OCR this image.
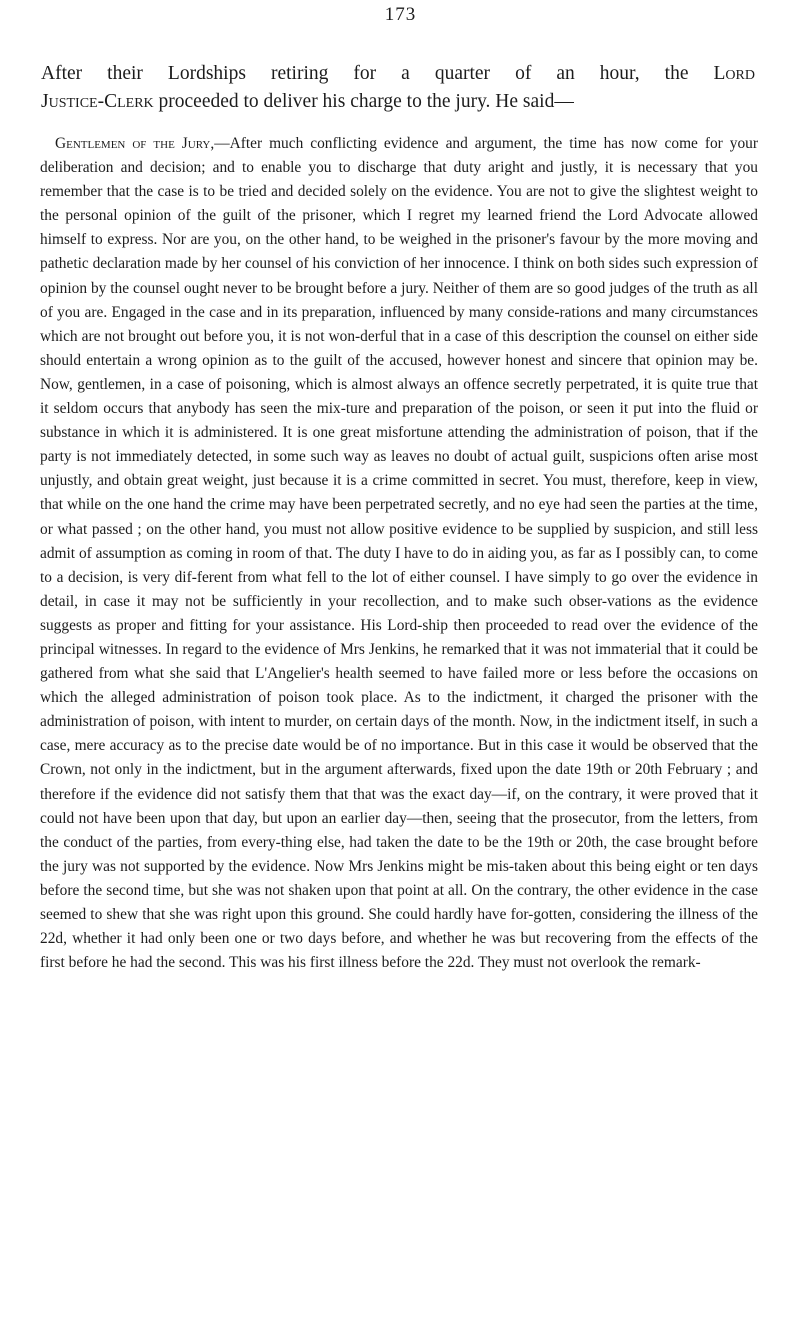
173
After their Lordships retiring for a quarter of an hour, the Lord
Justice-Clerk proceeded to deliver his charge to the jury. He said—

Gentlemen of the Jury,—After much conflicting evidence and argument, the time has now come for your deliberation and decision; and to enable you to discharge that duty aright and justly, it is necessary that you remember that the case is to be tried and decided solely on the evidence. You are not to give the slightest weight to the personal opinion of the guilt of the prisoner, which I regret my learned friend the Lord Advocate allowed himself to express. Nor are you, on the other hand, to be weighed in the prisoner's favour by the more moving and pathetic declaration made by her counsel of his conviction of her innocence. I think on both sides such expression of opinion by the counsel ought never to be brought before a jury. Neither of them are so good judges of the truth as all of you are. Engaged in the case and in its preparation, influenced by many conside-rations and many circumstances which are not brought out before you, it is not won-derful that in a case of this description the counsel on either side should entertain a wrong opinion as to the guilt of the accused, however honest and sincere that opinion may be. Now, gentlemen, in a case of poisoning, which is almost always an offence secretly perpetrated, it is quite true that it seldom occurs that anybody has seen the mix-ture and preparation of the poison, or seen it put into the fluid or substance in which it is administered. It is one great misfortune attending the administration of poison, that if the party is not immediately detected, in some such way as leaves no doubt of actual guilt, suspicions often arise most unjustly, and obtain great weight, just because it is a crime committed in secret. You must, therefore, keep in view, that while on the one hand the crime may have been perpetrated secretly, and no eye had seen the parties at the time, or what passed ; on the other hand, you must not allow positive evidence to be supplied by suspicion, and still less admit of assumption as coming in room of that. The duty I have to do in aiding you, as far as I possibly can, to come to a decision, is very dif-ferent from what fell to the lot of either counsel. I have simply to go over the evidence in detail, in case it may not be sufficiently in your recollection, and to make such obser-vations as the evidence suggests as proper and fitting for your assistance. His Lord-ship then proceeded to read over the evidence of the principal witnesses. In regard to the evidence of Mrs Jenkins, he remarked that it was not immaterial that it could be gathered from what she said that L'Angelier's health seemed to have failed more or less before the occasions on which the alleged administration of poison took place. As to the indictment, it charged the prisoner with the administration of poison, with intent to murder, on certain days of the month. Now, in the indictment itself, in such a case, mere accuracy as to the precise date would be of no importance. But in this case it would be observed that the Crown, not only in the indictment, but in the argument afterwards, fixed upon the date 19th or 20th February ; and therefore if the evidence did not satisfy them that that was the exact day—if, on the contrary, it were proved that it could not have been upon that day, but upon an earlier day—then, seeing that the prosecutor, from the letters, from the conduct of the parties, from every-thing else, had taken the date to be the 19th or 20th, the case brought before the jury was not supported by the evidence. Now Mrs Jenkins might be mis-taken about this being eight or ten days before the second time, but she was not shaken upon that point at all. On the contrary, the other evidence in the case seemed to shew that she was right upon this ground. She could hardly have for-gotten, considering the illness of the 22d, whether it had only been one or two days before, and whether he was but recovering from the effects of the first before he had the second. This was his first illness before the 22d. They must not overlook the remark-
